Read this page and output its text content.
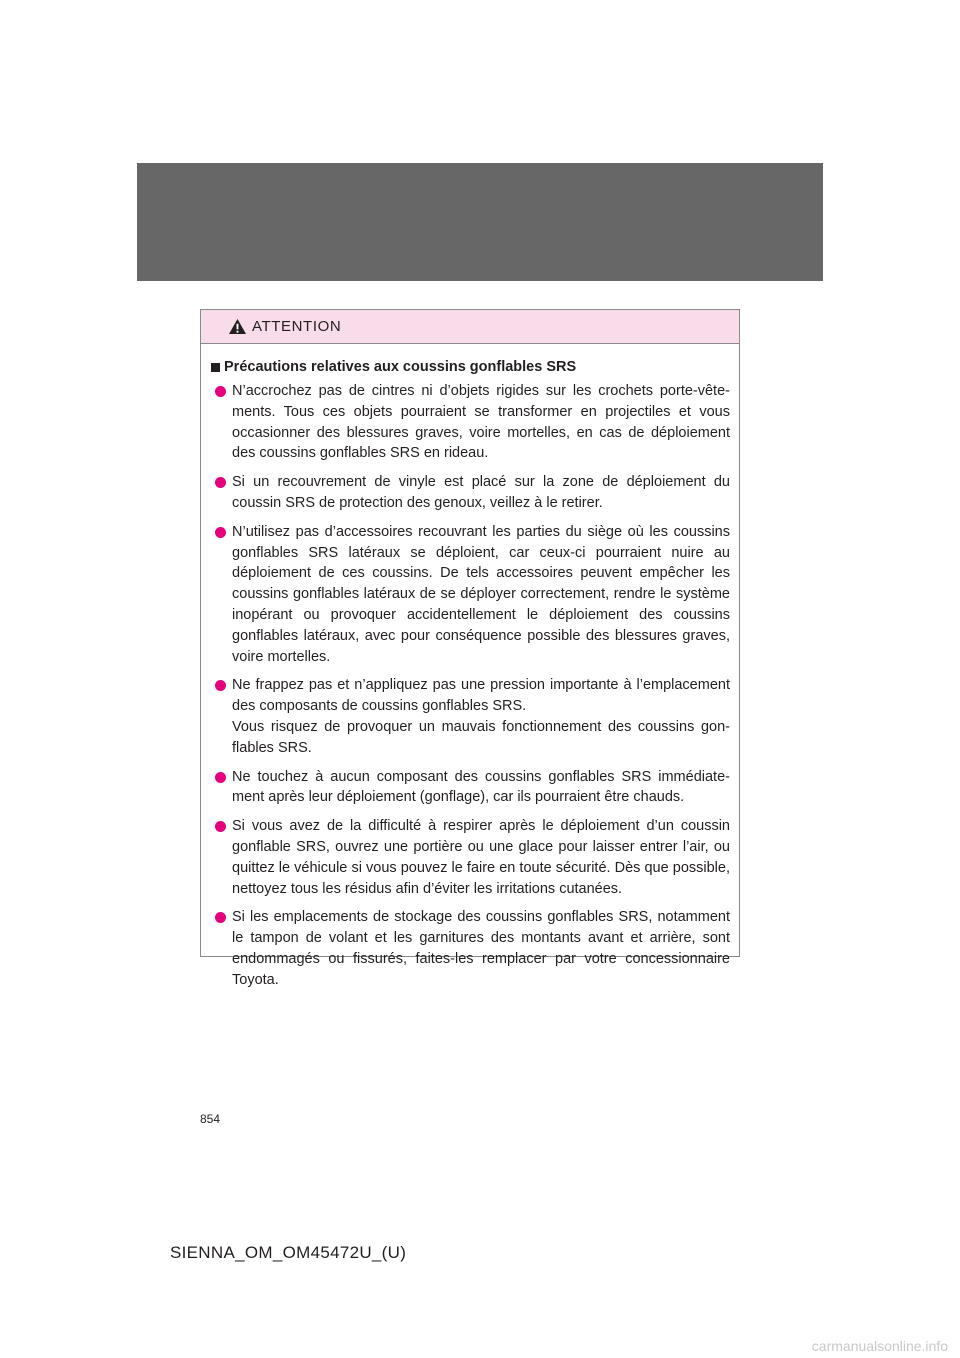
ATTENTION
Précautions relatives aux coussins gonflables SRS
N’accrochez pas de cintres ni d’objets rigides sur les crochets porte-vêtements. Tous ces objets pourraient se transformer en projectiles et vous occasionner des blessures graves, voire mortelles, en cas de déploiement des coussins gonflables SRS en rideau.
Si un recouvrement de vinyle est placé sur la zone de déploiement du coussin SRS de protection des genoux, veillez à le retirer.
N’utilisez pas d’accessoires recouvrant les parties du siège où les coussins gonflables SRS latéraux se déploient, car ceux-ci pourraient nuire au déploiement de ces coussins. De tels accessoires peuvent empêcher les coussins gonflables latéraux de se déployer correctement, rendre le système inopérant ou provoquer accidentellement le déploiement des coussins gonflables latéraux, avec pour conséquence possible des blessures graves, voire mortelles.
Ne frappez pas et n’appliquez pas une pression importante à l’emplacement des composants de coussins gonflables SRS.
Vous risquez de provoquer un mauvais fonctionnement des coussins gonflables SRS.
Ne touchez à aucun composant des coussins gonflables SRS immédiatement après leur déploiement (gonflage), car ils pourraient être chauds.
Si vous avez de la difficulté à respirer après le déploiement d’un coussin gonflable SRS, ouvrez une portière ou une glace pour laisser entrer l’air, ou quittez le véhicule si vous pouvez le faire en toute sécurité. Dès que possible, nettoyez tous les résidus afin d’éviter les irritations cutanées.
Si les emplacements de stockage des coussins gonflables SRS, notamment le tampon de volant et les garnitures des montants avant et arrière, sont endommagés ou fissurés, faites-les remplacer par votre concessionnaire Toyota.
854
SIENNA_OM_OM45472U_(U)
carmanualsonline.info
